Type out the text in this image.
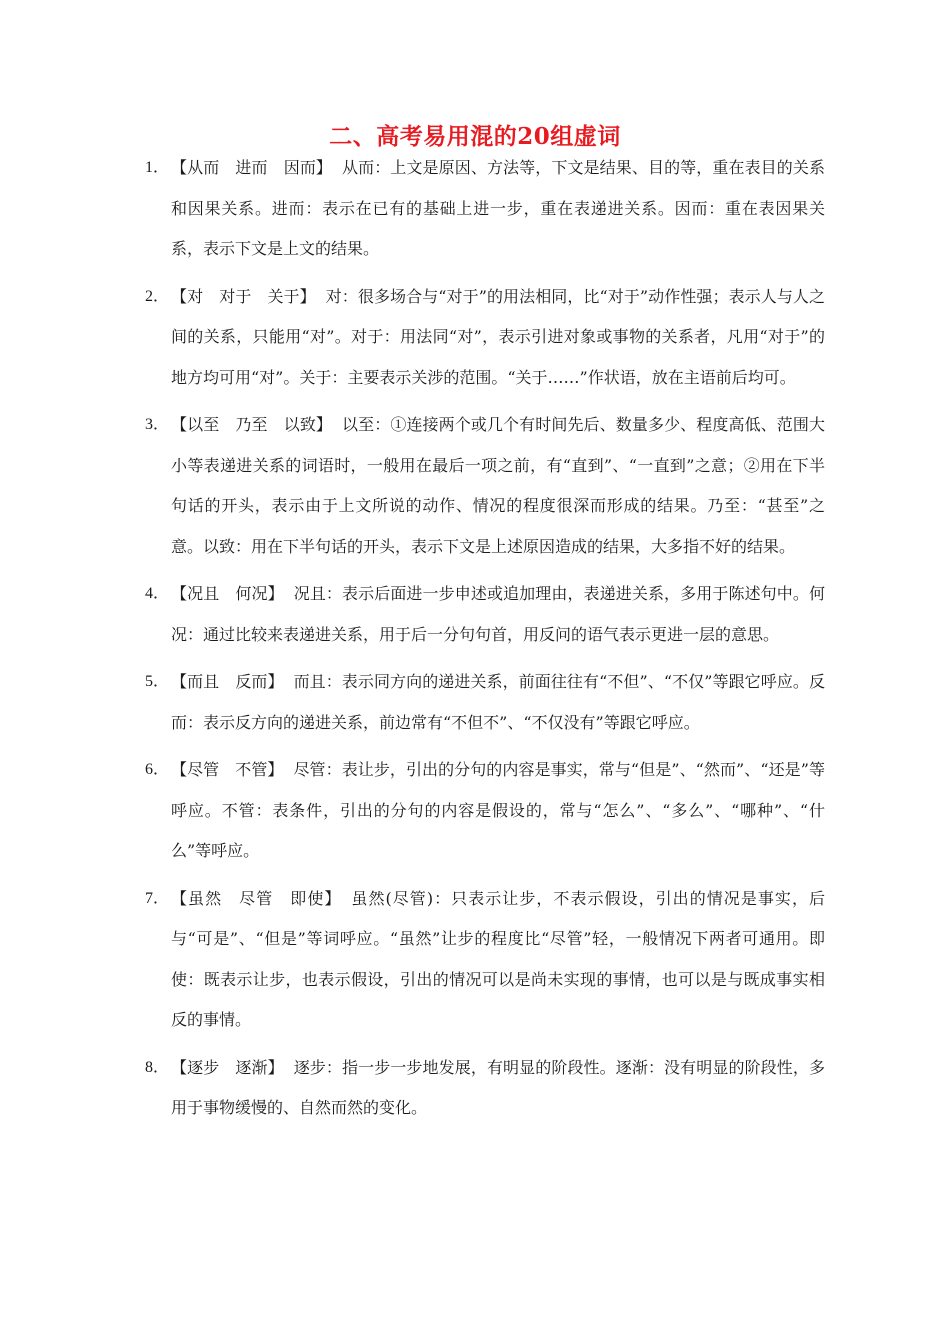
二、高考易用混的20组虚词
1． 【从而　进而　因而】 从而：上文是原因、方法等，下文是结果、目的等，重在表目的关系和因果关系。进而：表示在已有的基础上进一步，重在表递进关系。因而：重在表因果关系，表示下文是上文的结果。
2． 【对　对于　关于】 对：很多场合与“对于”的用法相同，比“对于”动作性强；表示人与人之间的关系，只能用“对”。对于：用法同“对”，表示引进对象或事物的关系者，凡用“对于”的地方均可用“对”。关于：主要表示关涉的范围。“关于……”作状语，放在主语前后均可。
3． 【以至　乃至　以致】 以至：①连接两个或几个有时间先后、数量多少、程度高低、范围大小等表递进关系的词语时，一般用在最后一项之前，有“直到”、“一直到”之意；②用在下半句话的开头，表示由于上文所说的动作、情况的程度很深而形成的结果。乃至：“甚至”之意。以致：用在下半句话的开头，表示下文是上述原因造成的结果，大多指不好的结果。
4． 【况且　何况】 况且：表示后面进一步申述或追加理由，表递进关系，多用于陈述句中。何况：通过比较来表递进关系，用于后一分句句首，用反问的语气表示更进一层的意思。
5． 【而且　反而】 而且：表示同方向的递进关系，前面往往有“不但”、“不仅”等跟它呼应。反而：表示反方向的递进关系，前边常有“不但不”、“不仅没有”等跟它呼应。
6． 【尽管　不管】 尽管：表让步，引出的分句的内容是事实，常与“但是”、“然而”、“还是”等呼应。不管：表条件，引出的分句的内容是假设的，常与“怎么”、“多么”、“哪种”、“什么”等呼应。
7． 【虽然　尽管　即使】 虽然(尽管)：只表示让步，不表示假设，引出的情况是事实，后与“可是”、“但是”等词呼应。“虽然”让步的程度比“尽管”轻，一般情况下两者可通用。即使：既表示让步，也表示假设，引出的情况可以是尚未实现的事情，也可以是与既成事实相反的事情。
8． 【逐步　逐渐】 逐步：指一步一步地发展，有明显的阶段性。逐渐：没有明显的阶段性，多用于事物缓慢的、自然而然的变化。
